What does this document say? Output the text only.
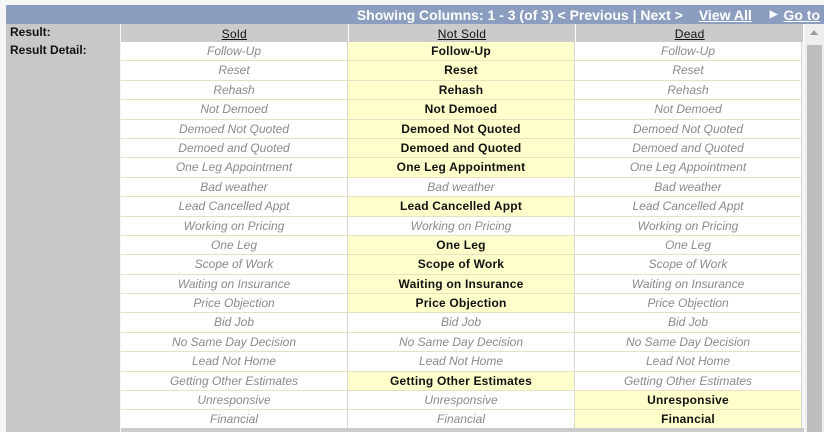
Showing Columns: 1 - 3 (of 3) < Previous | Next > View All ▶ Go to
Result:
Result Detail:
Sold	Not Sold	Dead
Follow-Up	Follow-Up	Follow-Up
Reset	Reset	Reset
Rehash	Rehash	Rehash
Not Demoed	Not Demoed	Not Demoed
Demoed Not Quoted	Demoed Not Quoted	Demoed Not Quoted
Demoed and Quoted	Demoed and Quoted	Demoed and Quoted
One Leg Appointment	One Leg Appointment	One Leg Appointment
Bad weather	Bad weather	Bad weather
Lead Cancelled Appt	Lead Cancelled Appt	Lead Cancelled Appt
Working on Pricing	Working on Pricing	Working on Pricing
One Leg	One Leg	One Leg
Scope of Work	Scope of Work	Scope of Work
Waiting on Insurance	Waiting on Insurance	Waiting on Insurance
Price Objection	Price Objection	Price Objection
Bid Job	Bid Job	Bid Job
No Same Day Decision	No Same Day Decision	No Same Day Decision
Lead Not Home	Lead Not Home	Lead Not Home
Getting Other Estimates	Getting Other Estimates	Getting Other Estimates
Unresponsive	Unresponsive	Unresponsive
Financial	Financial	Financial
